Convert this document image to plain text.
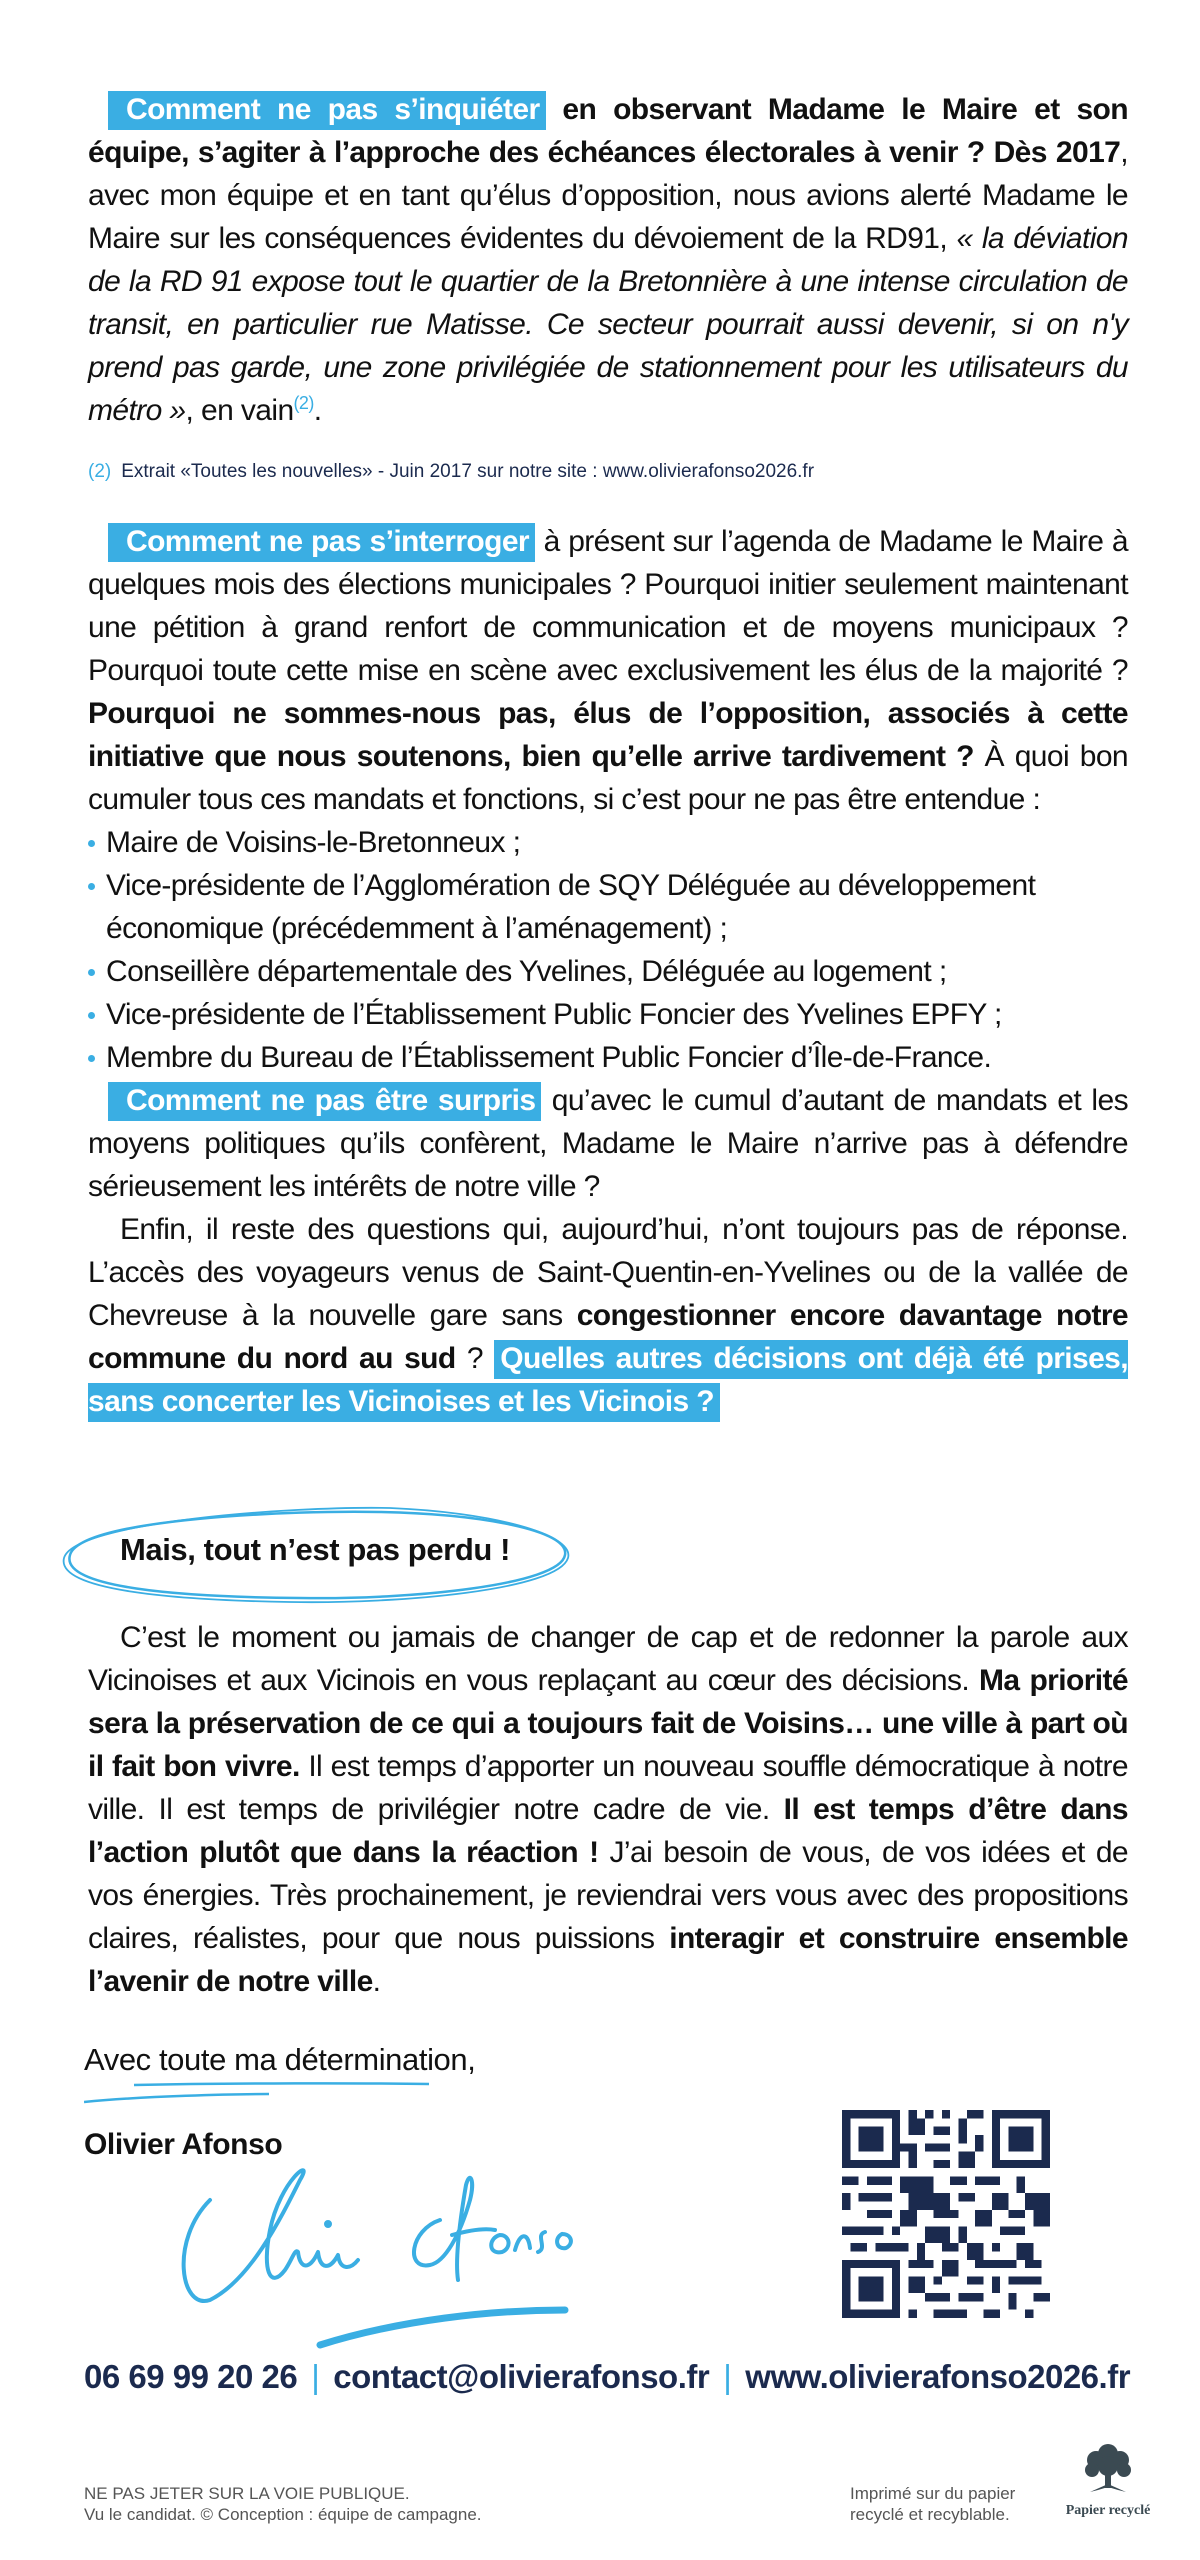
Comment ne pas s’inquiéter en observant Madame le Maire et son équipe, s’agiter à l’approche des échéances électorales à venir ? Dès 2017, avec mon équipe et en tant qu’élus d’opposition, nous avions alerté Madame le Maire sur les conséquences évidentes du dévoiement de la RD91, « la déviation de la RD 91 expose tout le quartier de la Bretonnière à une intense circulation de transit, en particulier rue Matisse. Ce secteur pourrait aussi devenir, si on n'y prend pas garde, une zone privilégiée de stationnement pour les utilisateurs du métro », en vain$^{(2)}$.
(2) Extrait «Toutes les nouvelles» - Juin 2017 sur notre site : www.olivierafonso2026.fr
Comment ne pas s’interroger à présent sur l’agenda de Madame le Maire à quelques mois des élections municipales ? Pourquoi initier seulement maintenant une pétition à grand renfort de communication et de moyens municipaux ? Pourquoi toute cette mise en scène avec exclusivement les élus de la majorité ? Pourquoi ne sommes-nous pas, élus de l’opposition, associés à cette initiative que nous soutenons, bien qu’elle arrive tardivement ? À quoi bon cumuler tous ces mandats et fonctions, si c’est pour ne pas être entendue :
Maire de Voisins-le-Bretonneux ;
Vice-présidente de l’Agglomération de SQY Déléguée au développement économique (précédemment à l’aménagement) ;
Conseillère départementale des Yvelines, Déléguée au logement ;
Vice-présidente de l’Établissement Public Foncier des Yvelines EPFY ;
Membre du Bureau de l’Établissement Public Foncier d’Île-de-France.
Comment ne pas être surpris qu’avec le cumul d’autant de mandats et les moyens politiques qu’ils confèrent, Madame le Maire n’arrive pas à défendre sérieusement les intérêts de notre ville ?
Enfin, il reste des questions qui, aujourd’hui, n’ont toujours pas de réponse. L’accès des voyageurs venus de Saint-Quentin-en-Yvelines ou de la vallée de Chevreuse à la nouvelle gare sans congestionner encore davantage notre commune du nord au sud ? Quelles autres décisions ont déjà été prises, sans concerter les Vicinoises et les Vicinois ?
Mais, tout n’est pas perdu !
C’est le moment ou jamais de changer de cap et de redonner la parole aux Vicinoises et aux Vicinois en vous replaçant au cœur des décisions. Ma priorité sera la préservation de ce qui a toujours fait de Voisins… une ville à part où il fait bon vivre. Il est temps d’apporter un nouveau souffle démocratique à notre ville. Il est temps de privilégier notre cadre de vie. Il est temps d’être dans l’action plutôt que dans la réaction ! J’ai besoin de vous, de vos idées et de vos énergies. Très prochainement, je reviendrai vers vous avec des propositions claires, réalistes, pour que nous puissions interagir et construire ensemble l’avenir de notre ville.
Avec toute ma détermination,
Olivier Afonso
06 69 99 20 26 | contact@olivierafonso.fr | www.olivierafonso2026.fr
NE PAS JETER SUR LA VOIE PUBLIQUE.
Vu le candidat. © Conception : équipe de campagne.
Imprimé sur du papier
recyclé et recyblable.	Papier recyclé
